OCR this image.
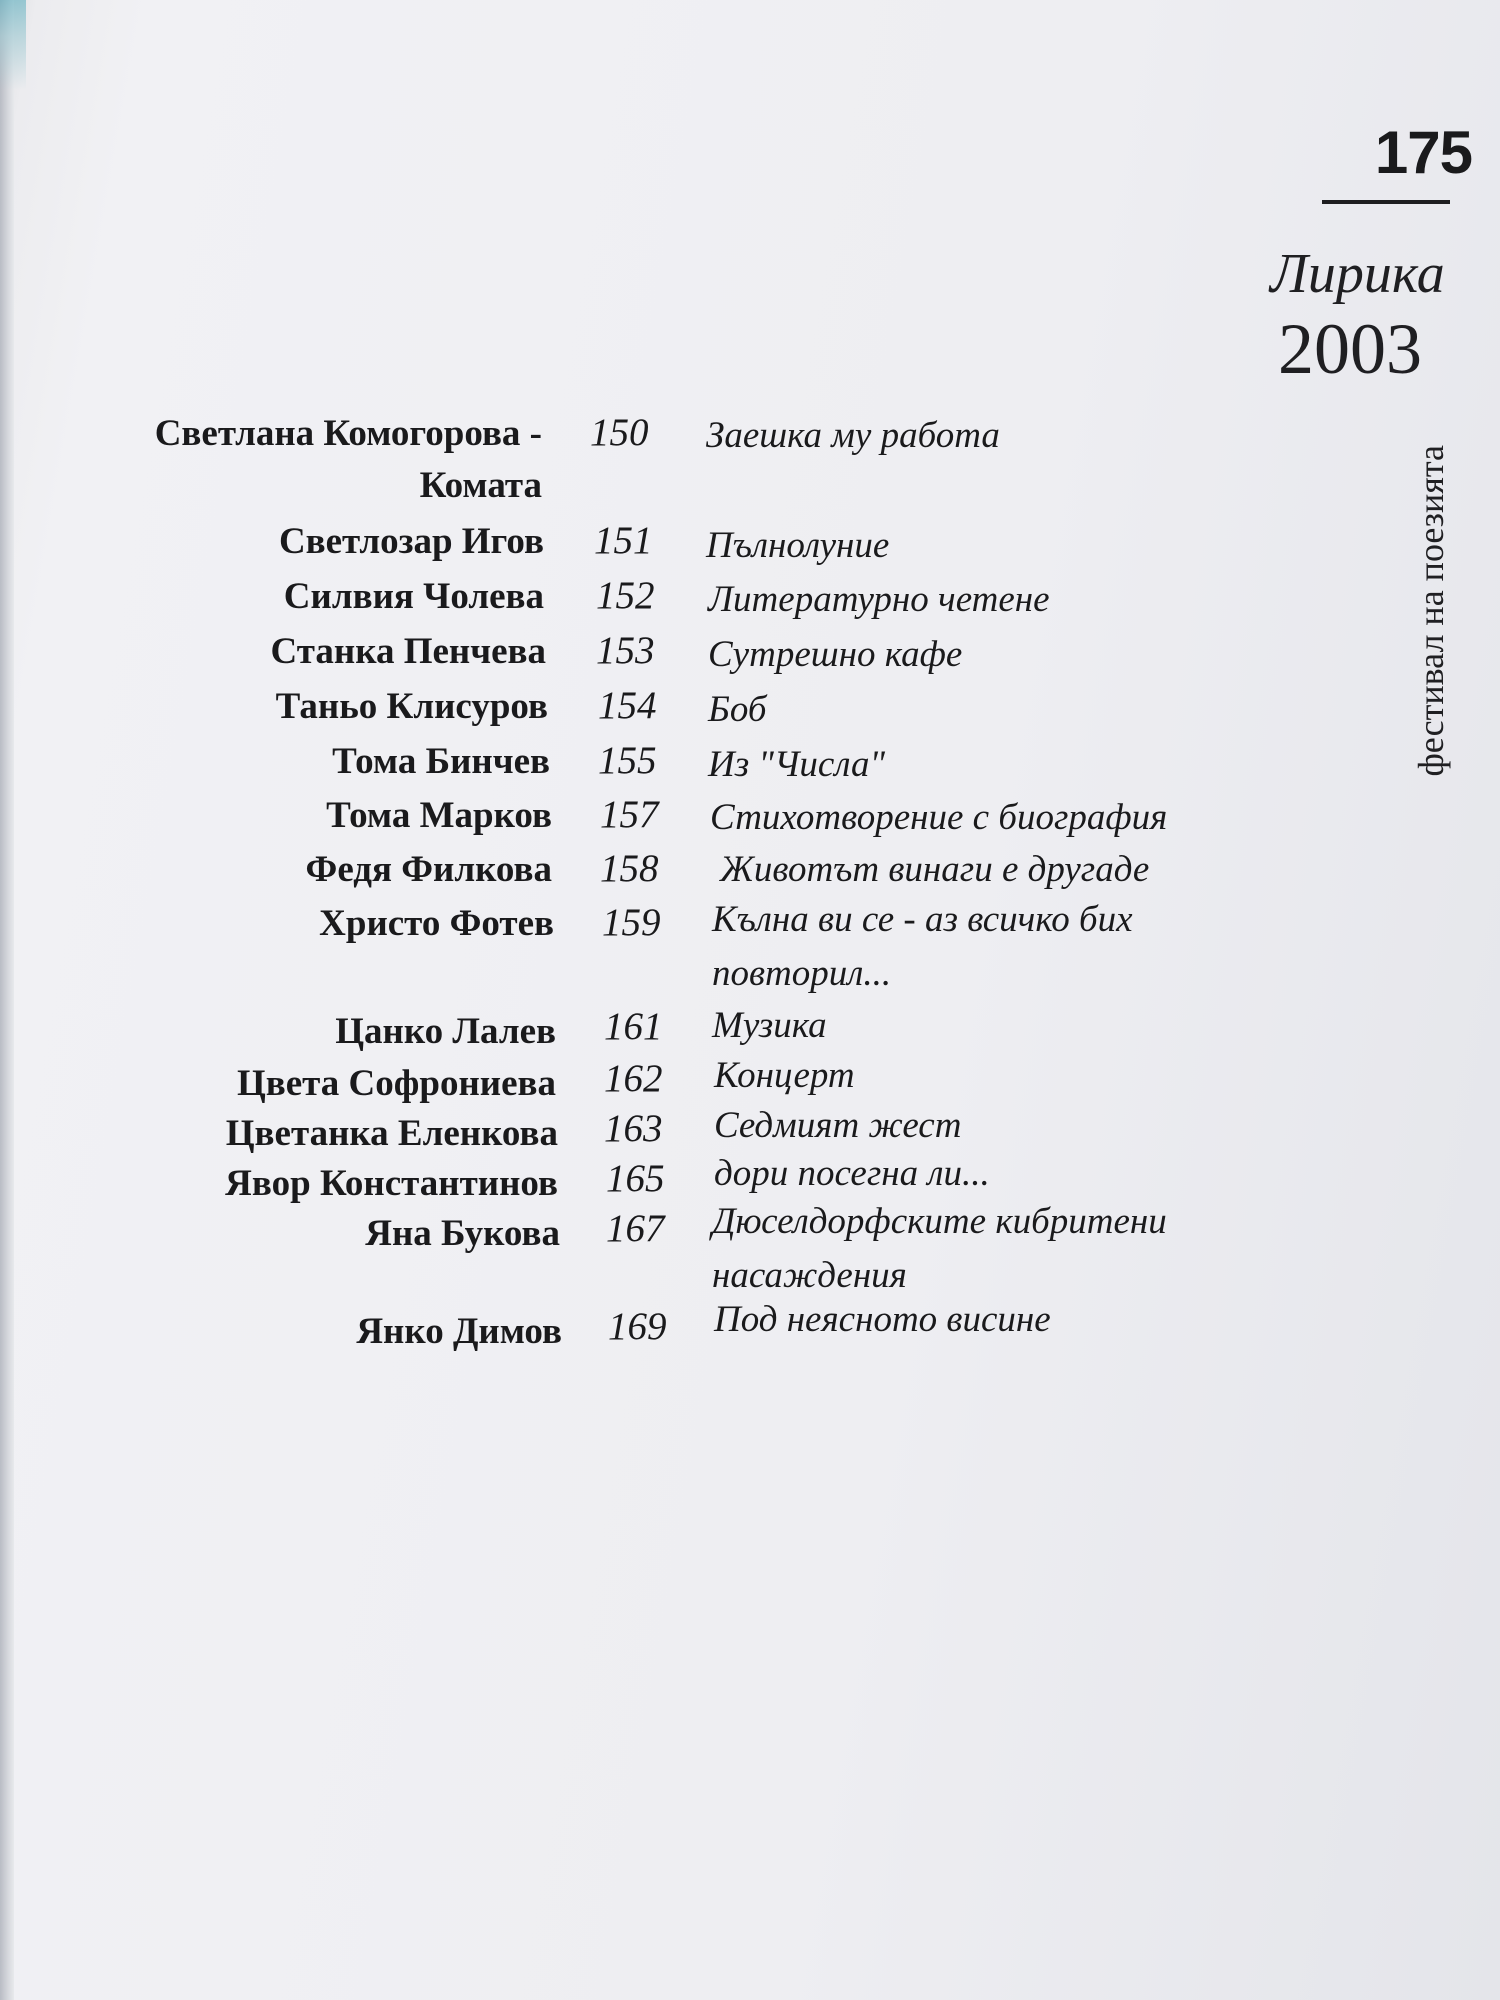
175
Лирика
2003
фестивал на поезията
Светлана Комогорова -
Комата
150 Заешка му работа
Светлозар Игов 151 Пълнолуние
Силвия Чолева 152 Литературно четене
Станка Пенчева 153 Сутрешно кафе
Таньо Клисуров 154 Боб
Тома Бинчев 155 Из "Числа"
Тома Марков 157 Стихотворение с биография
Федя Филкова 158 Животът винаги е другаде
Христо Фотев 159 Кълна ви се - аз всичко бих
повторил...
Цанко Лалев 161 Музика
Цвета Софрониева 162 Концерт
Цветанка Еленкова 163 Седмият жест
Явор Константинов 165 дори посегна ли...
Яна Букова 167 Дюселдорфските кибритени
насаждения
Янко Димов 169 Под неясното висине
